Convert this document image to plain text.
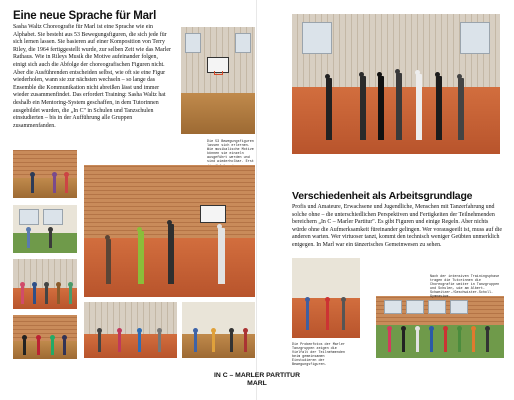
Eine neue Sprache für Marl
Sasha Waltz Choreografie für Marl ist eine Sprache wie ein Alphabet. Sie besteht aus 53 Bewegungsfiguren, die sich jede für sich lernen lassen. Sie basieren auf einer Komposition von Terry Riley, die 1964 fertiggestellt wurde, zur selben Zeit wie das Marler Rathaus. Wie in Rileys Musik die Motive aufeinander folgen, einigt sich auch die Abfolge der choreografischen Figuren nicht. Aber die Ausführenden entscheiden selbst, wie oft sie eine Figur wiederholen, wann sie zur nächsten wechseln – so lange das Ensemble die Kommunikation nicht abreißen lässt und immer wieder zusammenfindet. Das erfordert Training: Sasha Waltz hat deshalb ein Mentoring-System geschaffen, in dem Tutorinnen ausgebildet wurden, die „In C" in Schulen und Tanzschulen einstudierten – bis in der Aufführung alle Gruppen zusammenfanden.
Die 53 Bewegungsfiguren lassen sich erlernen. Wie musikalische Motive können sie einzeln ausgeführt werden und sind wiederholbar. Erst
Verschiedenheit als Arbeitsgrundlage
Profis und Amateure, Erwachsene und Jugendliche, Menschen mit Tanzerfahrung und solche ohne – die unterschiedlichen Perspektiven und Fertigkeiten der Teilnehmenden bereichern „In C – Marler Partitur". Es gibt Figuren und einige Regeln. Aber nichts würde ohne die Aufmerksamkeit füreinander gelingen. Wer vorausgeeilt ist, muss auf die anderen warten. Wer virtuoser tanzt, kommt den technisch weniger Geübten unmerklich entgegen. In Marl war ein tänzerisches Gemeinwesen zu sehen.
Die Probenfotos der Marler Tanzgruppen zeigen die Vielfalt der Teilnehmenden beim gemeinsamen Einstudieren der Bewegungsfiguren.
Nach der intensiven Trainingsphase tragen die Tutorinnen die Choreografie weiter in Tanzgruppen und Schulen, wie am Albert-Schweitzer-/Geschwister-Scholl-Gymnasium.
IN C – MARLER PARTITUR
MARL
